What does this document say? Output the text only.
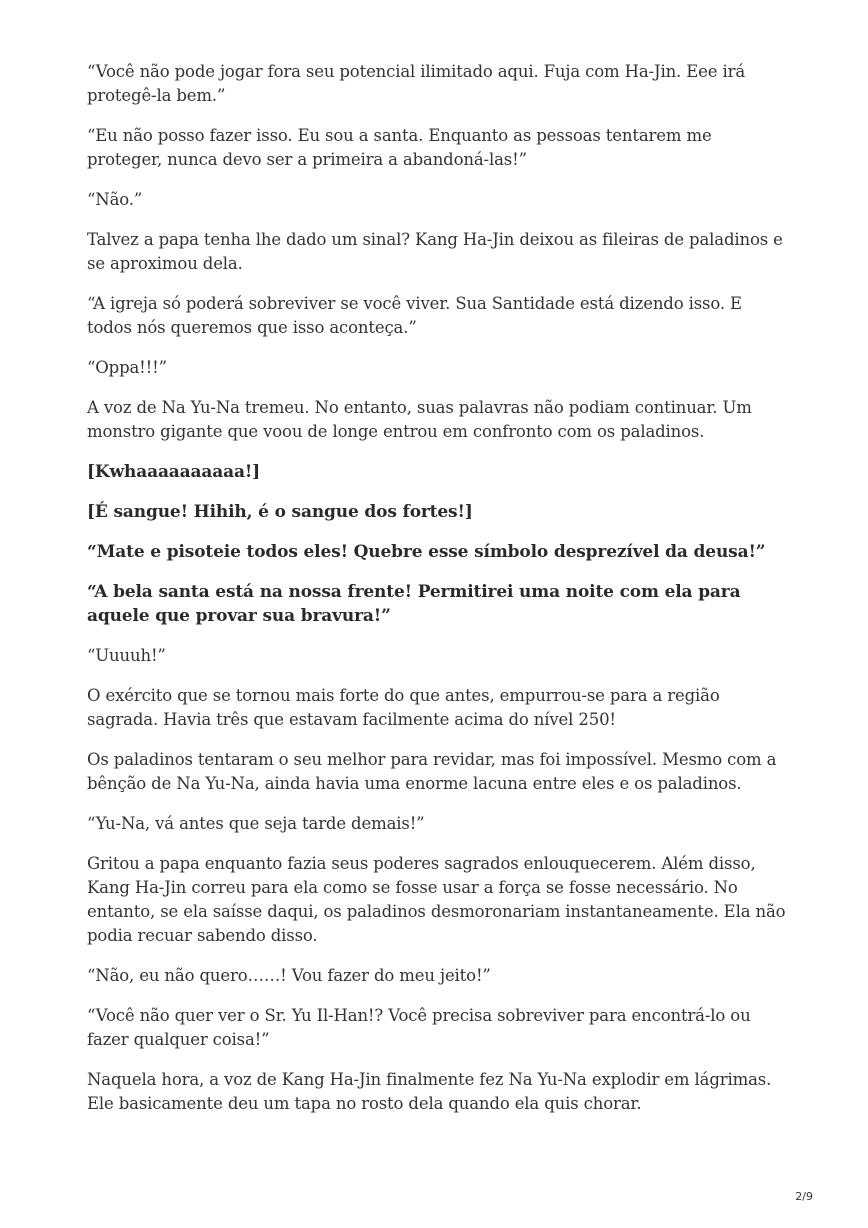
“Você não pode jogar fora seu potencial ilimitado aqui. Fuja com Ha-Jin. Eee irá protegê-la bem.”

“Eu não posso fazer isso. Eu sou a santa. Enquanto as pessoas tentarem me proteger, nunca devo ser a primeira a abandoná-las!”

“Não.”

Talvez a papa tenha lhe dado um sinal? Kang Ha-Jin deixou as fileiras de paladinos e se aproximou dela.

“A igreja só poderá sobreviver se você viver. Sua Santidade está dizendo isso. E todos nós queremos que isso aconteça.”

“Oppa!!!”

A voz de Na Yu-Na tremeu. No entanto, suas palavras não podiam continuar. Um monstro gigante que voou de longe entrou em confronto com os paladinos.

[Kwhaaaaaaaaaa!]

[É sangue! Hihih, é o sangue dos fortes!]

“Mate e pisoteie todos eles! Quebre esse símbolo desprezível da deusa!”

“A bela santa está na nossa frente! Permitirei uma noite com ela para aquele que provar sua bravura!”

“Uuuuh!”

O exército que se tornou mais forte do que antes, empurrou-se para a região sagrada. Havia três que estavam facilmente acima do nível 250!

Os paladinos tentaram o seu melhor para revidar, mas foi impossível. Mesmo com a bênção de Na Yu-Na, ainda havia uma enorme lacuna entre eles e os paladinos.

“Yu-Na, vá antes que seja tarde demais!”

Gritou a papa enquanto fazia seus poderes sagrados enlouquecerem. Além disso, Kang Ha-Jin correu para ela como se fosse usar a força se fosse necessário. No entanto, se ela saísse daqui, os paladinos desmoronariam instantaneamente. Ela não podia recuar sabendo disso.

“Não, eu não quero……! Vou fazer do meu jeito!”

“Você não quer ver o Sr. Yu Il-Han!? Você precisa sobreviver para encontrá-lo ou fazer qualquer coisa!”

Naquela hora, a voz de Kang Ha-Jin finalmente fez Na Yu-Na explodir em lágrimas. Ele basicamente deu um tapa no rosto dela quando ela quis chorar.

2/9
